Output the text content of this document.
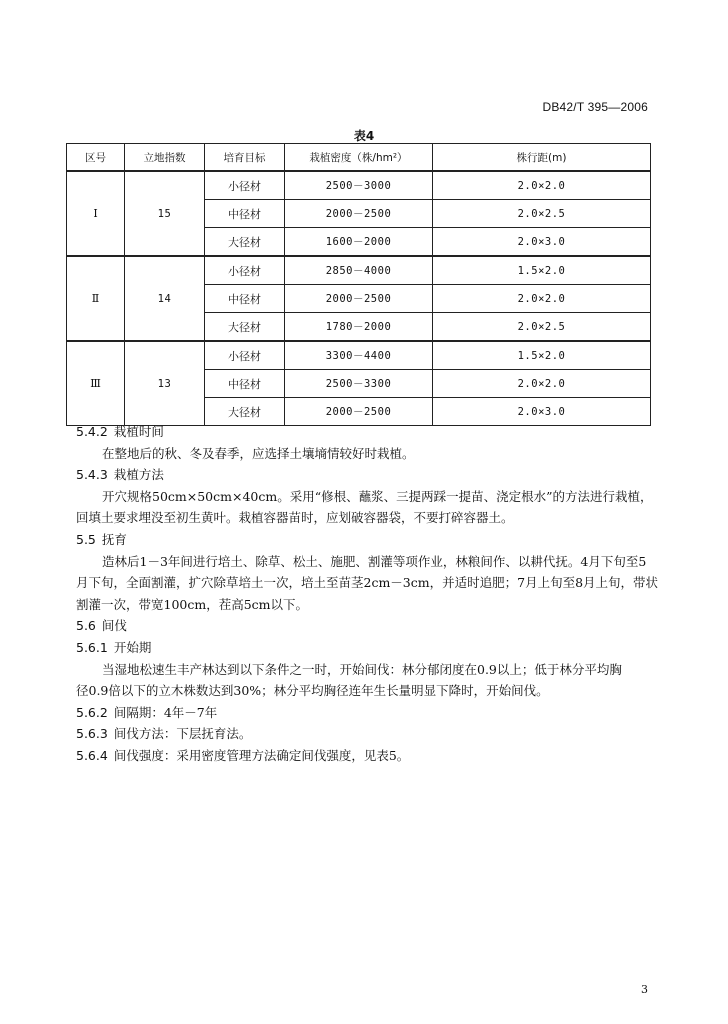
DB42/T 395—2006
表4
区号	立地指数	培育目标	栽植密度（株/hm²）	株行距(m)
Ⅰ	15	小径材	2500－3000	2.0×2.0
		中径材	2000－2500	2.0×2.5
		大径材	1600－2000	2.0×3.0
Ⅱ	14	小径材	2850－4000	1.5×2.0
		中径材	2000－2500	2.0×2.0
		大径材	1780－2000	2.0×2.5
Ⅲ	13	小径材	3300－4400	1.5×2.0
		中径材	2500－3300	2.0×2.0
		大径材	2000－2500	2.0×3.0
5.4.2 栽植时间
在整地后的秋、冬及春季，应选择土壤墒情较好时栽植。
5.4.3 栽植方法
开穴规格50cm×50cm×40cm。采用“修根、蘸浆、三提两踩一提苗、浇定根水”的方法进行栽植，
回填土要求埋没至初生黄叶。栽植容器苗时，应划破容器袋，不要打碎容器土。
5.5 抚育
造林后1－3年间进行培土、除草、松土、施肥、割灌等项作业，林粮间作、以耕代抚。4月下旬至5
月下旬，全面割灌，扩穴除草培土一次，培土至苗茎2cm－3cm，并适时追肥；7月上旬至8月上旬，带状
割灌一次，带宽100cm，茬高5cm以下。
5.6 间伐
5.6.1 开始期
当湿地松速生丰产林达到以下条件之一时，开始间伐：林分郁闭度在0.9以上；低于林分平均胸
径0.9倍以下的立木株数达到30%；林分平均胸径连年生长量明显下降时，开始间伐。
5.6.2 间隔期：4年－7年
5.6.3 间伐方法：下层抚育法。
5.6.4 间伐强度：采用密度管理方法确定间伐强度，见表5。
3
